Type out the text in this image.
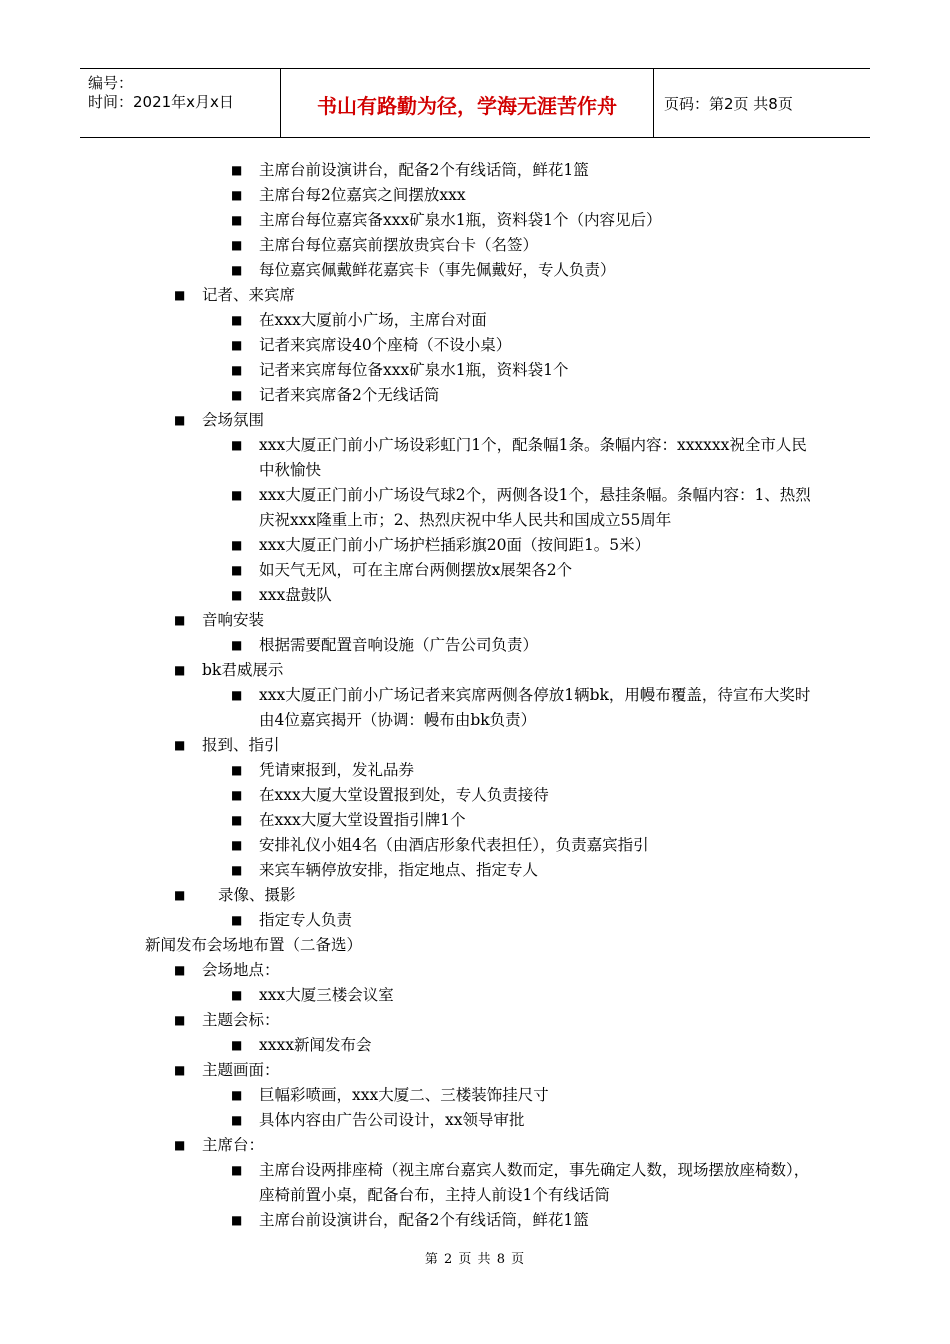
编号：
时间：2021年x月x日	书山有路勤为径，学海无涯苦作舟	页码：第2页 共8页
■ 主席台前设演讲台，配备2个有线话筒，鲜花1篮
■ 主席台每2位嘉宾之间摆放xxx
■ 主席台每位嘉宾备xxx矿泉水1瓶，资料袋1个（内容见后）
■ 主席台每位嘉宾前摆放贵宾台卡（名签）
■ 每位嘉宾佩戴鲜花嘉宾卡（事先佩戴好，专人负责）
■ 记者、来宾席
■ 在xxx大厦前小广场，主席台对面
■ 记者来宾席设40个座椅（不设小桌）
■ 记者来宾席每位备xxx矿泉水1瓶，资料袋1个
■ 记者来宾席备2个无线话筒
■ 会场氛围
■ xxx大厦正门前小广场设彩虹门1个，配条幅1条。条幅内容：xxxxxx祝全市人民中秋愉快
■ xxx大厦正门前小广场设气球2个，两侧各设1个，悬挂条幅。条幅内容：1、热烈庆祝xxx隆重上市；2、热烈庆祝中华人民共和国成立55周年
■ xxx大厦正门前小广场护栏插彩旗20面（按间距1。5米）
■ 如天气无风，可在主席台两侧摆放x展架各2个
■ xxx盘鼓队
■ 音响安装
■ 根据需要配置音响设施（广告公司负责）
■ bk君威展示
■ xxx大厦正门前小广场记者来宾席两侧各停放1辆bk，用幔布覆盖，待宣布大奖时由4位嘉宾揭开（协调：幔布由bk负责）
■ 报到、指引
■ 凭请柬报到，发礼品券
■ 在xxx大厦大堂设置报到处，专人负责接待
■ 在xxx大厦大堂设置指引牌1个
■ 安排礼仪小姐4名（由酒店形象代表担任），负责嘉宾指引
■ 来宾车辆停放安排，指定地点、指定专人
■ 录像、摄影
■ 指定专人负责
新闻发布会场地布置（二备选）
■ 会场地点：
■ xxx大厦三楼会议室
■ 主题会标：
■ xxxx新闻发布会
■ 主题画面：
■ 巨幅彩喷画，xxx大厦二、三楼装饰挂尺寸
■ 具体内容由广告公司设计，xx领导审批
■ 主席台：
■ 主席台设两排座椅（视主席台嘉宾人数而定，事先确定人数，现场摆放座椅数），座椅前置小桌，配备台布，主持人前设1个有线话筒
■ 主席台前设演讲台，配备2个有线话筒，鲜花1篮
第 2 页 共 8 页
